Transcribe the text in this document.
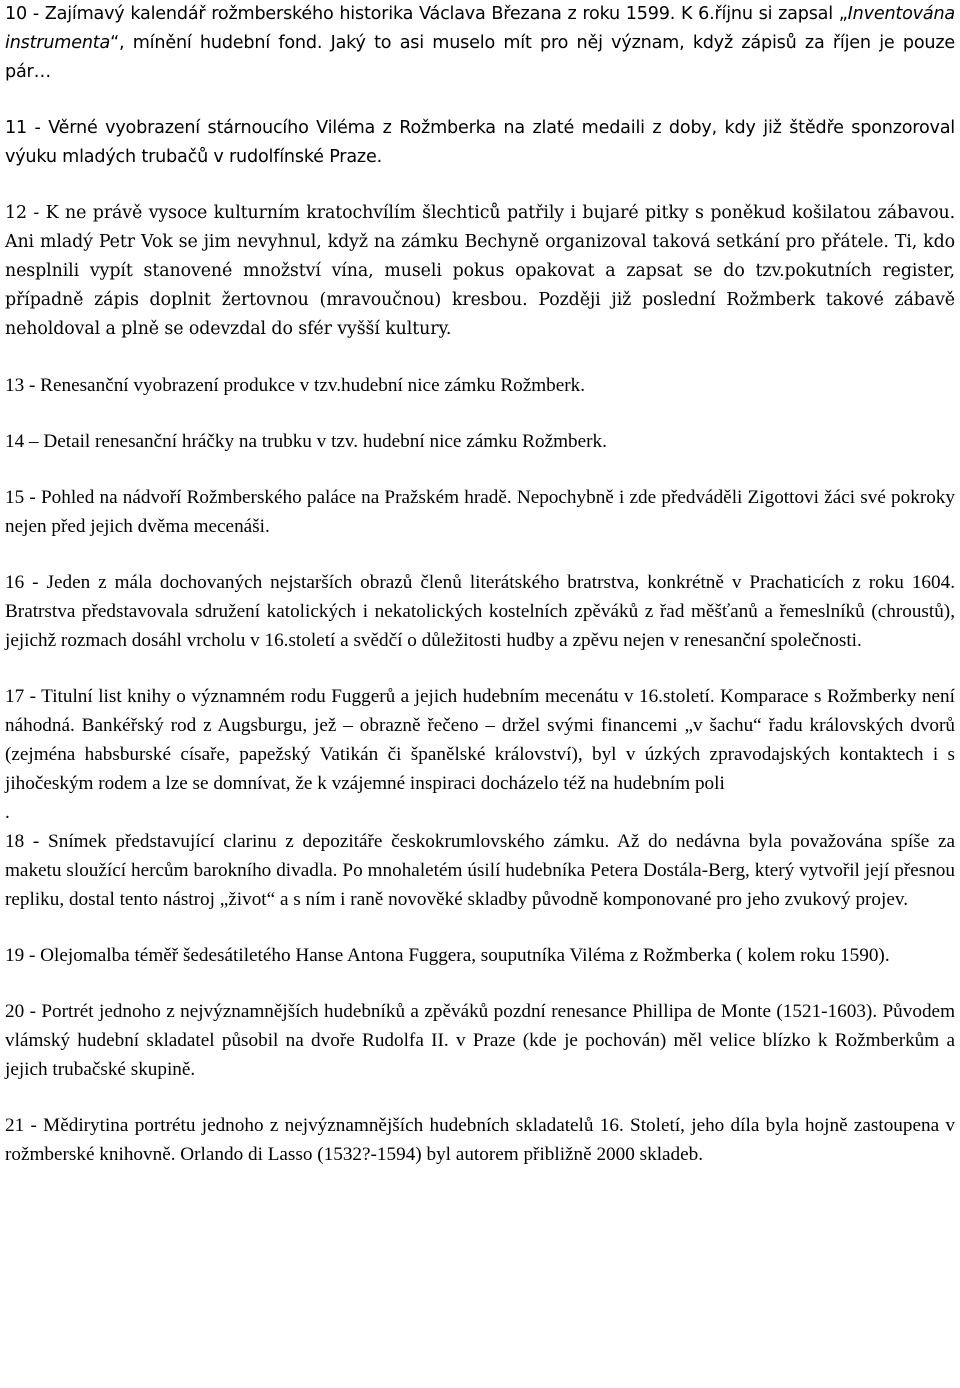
10 - Zajímavý kalendář rožmberského historika Václava Březana z roku 1599. K 6.říjnu si zapsal „Inventována instrumenta“, mínění hudební fond. Jaký to asi muselo mít pro něj význam, když zápisů za říjen je pouze pár…

11 - Věrné vyobrazení stárnoucího Viléma z Rožmberka na zlaté medaili z doby, kdy již štědře sponzoroval výuku mladých trubačů v rudolfínské Praze.

12 - K ne právě vysoce kulturním kratochvílím šlechticů patřily i bujaré pitky s poněkud košilatou zábavou. Ani mladý Petr Vok se jim nevyhnul, když na zámku Bechyně organizoval taková setkání pro přátele. Ti, kdo nesplnili vypít stanovené množství vína, museli pokus opakovat a zapsat se do tzv.pokutních register, případně zápis doplnit žertovnou (mravoučnou) kresbou. Později již poslední Rožmberk takové zábavě neholdoval a plně se odevzdal do sfér vyšší kultury.

13 - Renesanční vyobrazení produkce v tzv.hudební nice zámku Rožmberk.

14 – Detail renesanční hráčky na trubku v tzv. hudební nice zámku Rožmberk.

15 - Pohled na nádvoří Rožmberského paláce na Pražském hradě. Nepochybně i zde předváděli Zigottovi žáci své pokroky nejen před jejich dvěma mecenáši.

16 - Jeden z mála dochovaných nejstarších obrazů členů literátského bratrstva, konkrétně v Prachaticích z roku 1604. Bratrstva představovala sdružení katolických i nekatolických kostelních zpěváků z řad měšťanů a řemeslníků (chroustů), jejichž rozmach dosáhl vrcholu v 16.století a svědčí o důležitosti hudby a zpěvu nejen v renesanční společnosti.

17 - Titulní list knihy o významném rodu Fuggerů a jejich hudebním mecenátu v 16.století. Komparace s Rožmberky není náhodná. Bankéřský rod z Augsburgu, jež – obrazně řečeno – držel svými financemi „v šachu“ řadu královských dvorů (zejména habsburské císaře, papežský Vatikán či španělské království), byl v úzkých zpravodajských kontaktech i s jihočeským rodem a lze se domnívat, že k vzájemné inspiraci docházelo též na hudebním poli

.

18 - Snímek představující clarinu z depozitáře českokrumlovského zámku. Až do nedávna byla považována spíše za maketu sloužící hercům barokního divadla. Po mnohaletém úsilí hudebníka Petera Dostála-Berg, který vytvořil její přesnou repliku, dostal tento nástroj „život“ a s ním i raně novověké skladby původně komponované pro jeho zvukový projev.

19 - Olejomalba téměř šedesátiletého Hanse Antona Fuggera, souputníka Viléma z Rožmberka ( kolem roku 1590).

20 - Portrét jednoho z nejvýznamnějších hudebníků a zpěváků pozdní renesance Phillipa de Monte (1521-1603). Původem vlámský hudební skladatel působil na dvoře Rudolfa II. v Praze (kde je pochován) měl velice blízko k Rožmberkům a jejich trubačské skupině.

21 - Mědirytina portrétu jednoho z nejvýznamnějších hudebních skladatelů 16. Století, jeho díla byla hojně zastoupena v rožmberské knihovně. Orlando di Lasso (1532?-1594) byl autorem přibližně 2000 skladeb.
